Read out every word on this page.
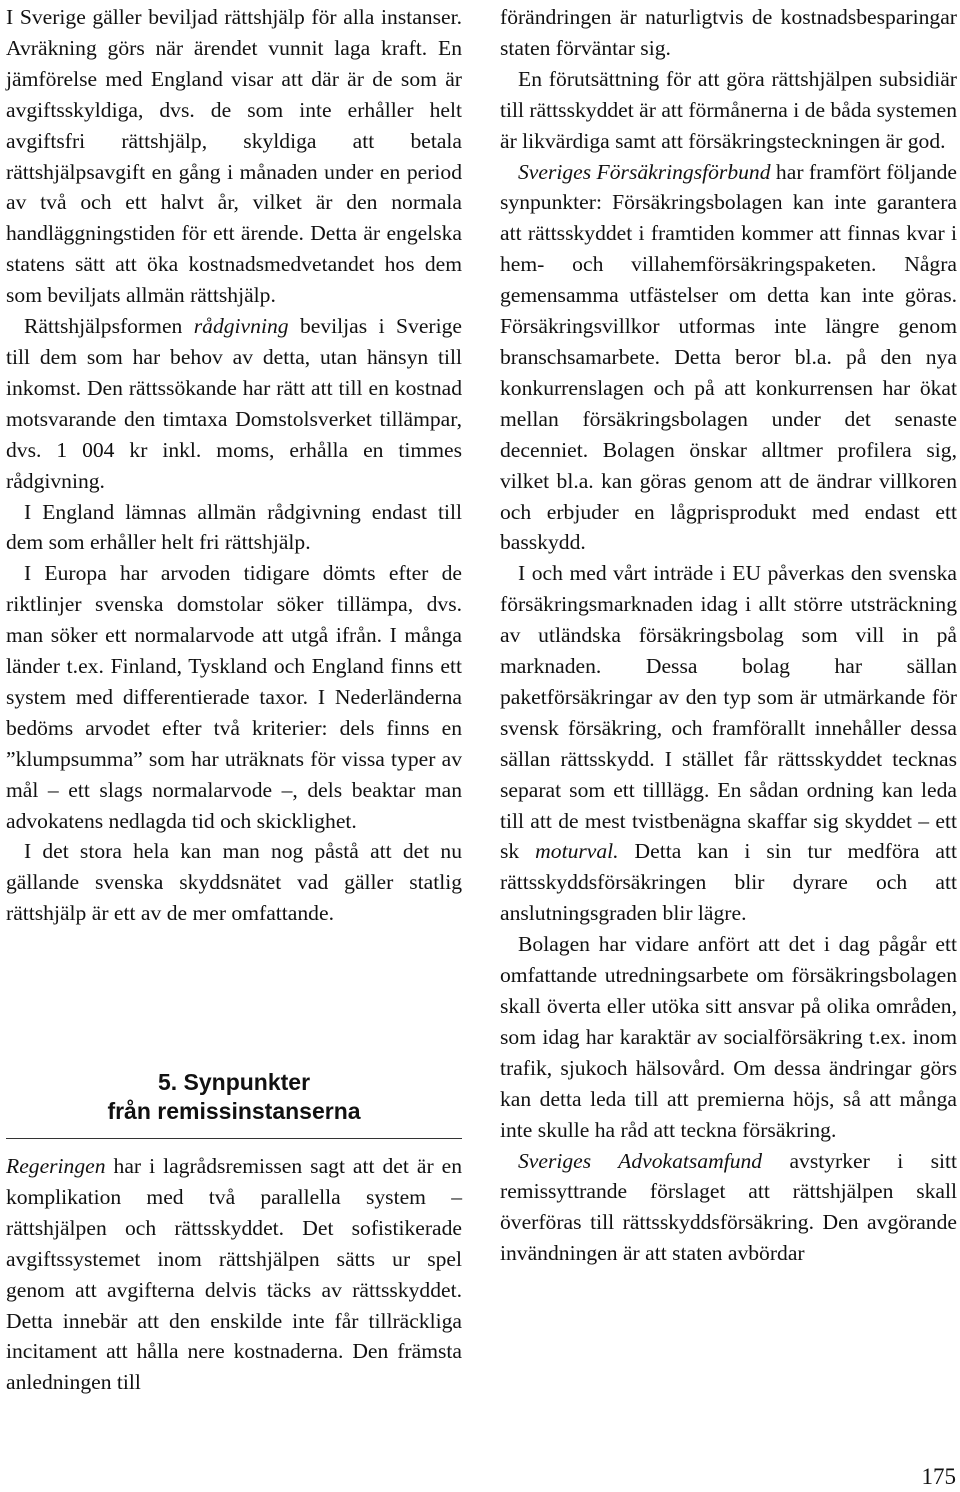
I Sverige gäller beviljad rättshjälp för alla instanser. Avräkning görs när ärendet vunnit laga kraft. En jämförelse med England visar att där är de som är avgiftsskyldiga, dvs. de som inte erhåller helt avgiftsfri rättshjälp, skyldiga att betala rättshjälpsavgift en gång i månaden under en period av två och ett halvt år, vilket är den normala handläggningstiden för ett ärende. Detta är engelska statens sätt att öka kostnadsmedvetandet hos dem som beviljats allmän rättshjälp.

Rättshjälpsformen rådgivning beviljas i Sverige till dem som har behov av detta, utan hänsyn till inkomst. Den rättssökande har rätt att till en kostnad motsvarande den timtaxa Domstolsverket tillämpar, dvs. 1 004 kr inkl. moms, erhålla en timmes rådgivning.

I England lämnas allmän rådgivning endast till dem som erhåller helt fri rättshjälp.

I Europa har arvoden tidigare dömts efter de riktlinjer svenska domstolar söker tillämpa, dvs. man söker ett normalarvode att utgå ifrån. I många länder t.ex. Finland, Tyskland och England finns ett system med differentierade taxor. I Nederländerna bedöms arvodet efter två kriterier: dels finns en ”klumpsumma” som har uträknats för vissa typer av mål – ett slags normalarvode –, dels beaktar man advokatens nedlagda tid och skicklighet.

I det stora hela kan man nog påstå att det nu gällande svenska skyddsnätet vad gäller statlig rättshjälp är ett av de mer omfattande.

5. Synpunkter

från remissinstanserna

Regeringen har i lagrådsremissen sagt att det är en komplikation med två parallella system – rättshjälpen och rättsskyddet. Det sofistikerade avgiftssystemet inom rättshjälpen sätts ur spel genom att avgifterna delvis täcks av rättsskyddet. Detta innebär att den enskilde inte får tillräckliga incitament att hålla nere kostnaderna. Den främsta anledningen till

förändringen är naturligtvis de kostnadsbesparingar staten förväntar sig.

En förutsättning för att göra rättshjälpen subsidiär till rättsskyddet är att förmånerna i de båda systemen är likvärdiga samt att försäkringsteckningen är god.

Sveriges Försäkringsförbund har framfört följande synpunkter: Försäkringsbolagen kan inte garantera att rättsskyddet i framtiden kommer att finnas kvar i hem- och villahemförsäkringspaketen. Några gemensamma utfästelser om detta kan inte göras. Försäkringsvillkor utformas inte längre genom branschsamarbete. Detta beror bl.a. på den nya konkurrenslagen och på att konkurrensen har ökat mellan försäkringsbolagen under det senaste decenniet. Bolagen önskar alltmer profilera sig, vilket bl.a. kan göras genom att de ändrar villkoren och erbjuder en lågprisprodukt med endast ett basskydd.

I och med vårt inträde i EU påverkas den svenska försäkringsmarknaden idag i allt större utsträckning av utländska försäkringsbolag som vill in på marknaden. Dessa bolag har sällan paketförsäkringar av den typ som är utmärkande för svensk försäkring, och framförallt innehåller dessa sällan rättsskydd. I stället får rättsskyddet tecknas separat som ett tilllägg. En sådan ordning kan leda till att de mest tvistbenägna skaffar sig skyddet – ett sk moturval. Detta kan i sin tur medföra att rättsskyddsförsäkringen blir dyrare och att anslutningsgraden blir lägre.

Bolagen har vidare anfört att det i dag pågår ett omfattande utredningsarbete om försäkringsbolagen skall överta eller utöka sitt ansvar på olika områden, som idag har karaktär av socialförsäkring t.ex. inom trafik, sjukoch hälsovård. Om dessa ändringar görs kan detta leda till att premierna höjs, så att många inte skulle ha råd att teckna försäkring.

Sveriges Advokatsamfund avstyrker i sitt remissyttrande förslaget att rättshjälpen skall överföras till rättsskyddsförsäkring. Den avgörande invändningen är att staten avbördar

175
